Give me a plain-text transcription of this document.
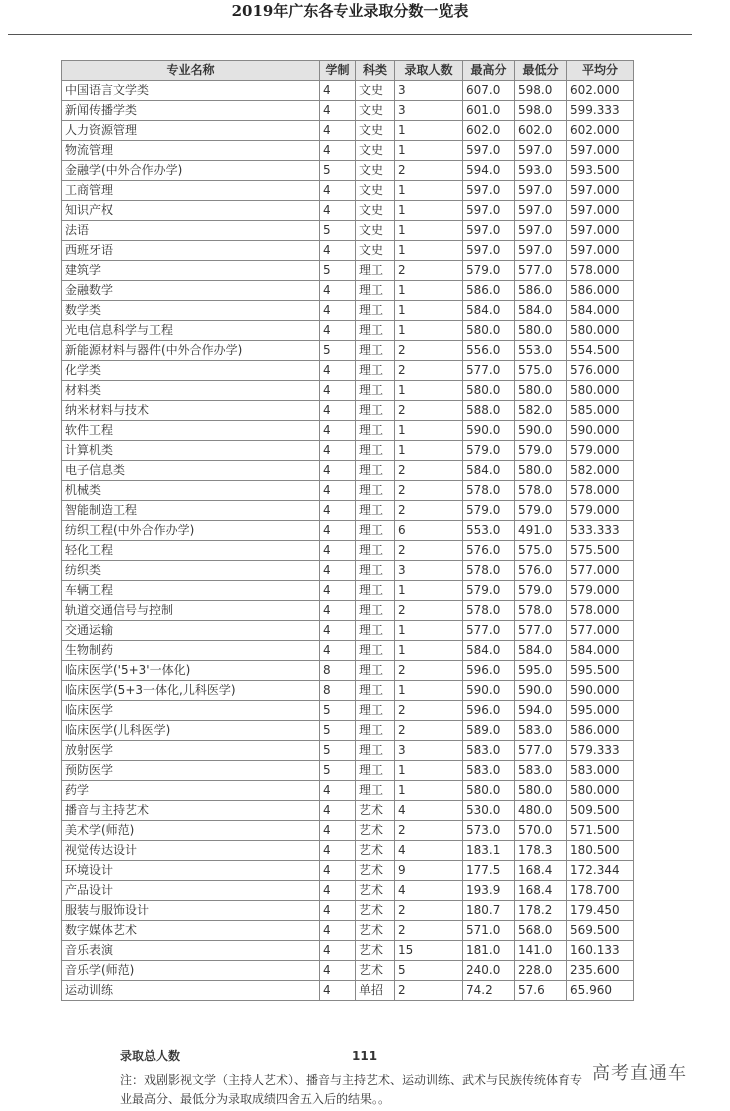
2019年广东各专业录取分数一览表
专业名称	学制	科类	录取人数	最高分	最低分	平均分
中国语言文学类	4	文史	3	607.0	598.0	602.000
新闻传播学类	4	文史	3	601.0	598.0	599.333
人力资源管理	4	文史	1	602.0	602.0	602.000
物流管理	4	文史	1	597.0	597.0	597.000
金融学(中外合作办学)	5	文史	2	594.0	593.0	593.500
工商管理	4	文史	1	597.0	597.0	597.000
知识产权	4	文史	1	597.0	597.0	597.000
法语	5	文史	1	597.0	597.0	597.000
西班牙语	4	文史	1	597.0	597.0	597.000
建筑学	5	理工	2	579.0	577.0	578.000
金融数学	4	理工	1	586.0	586.0	586.000
数学类	4	理工	1	584.0	584.0	584.000
光电信息科学与工程	4	理工	1	580.0	580.0	580.000
新能源材料与器件(中外合作办学)	5	理工	2	556.0	553.0	554.500
化学类	4	理工	2	577.0	575.0	576.000
材料类	4	理工	1	580.0	580.0	580.000
纳米材料与技术	4	理工	2	588.0	582.0	585.000
软件工程	4	理工	1	590.0	590.0	590.000
计算机类	4	理工	1	579.0	579.0	579.000
电子信息类	4	理工	2	584.0	580.0	582.000
机械类	4	理工	2	578.0	578.0	578.000
智能制造工程	4	理工	2	579.0	579.0	579.000
纺织工程(中外合作办学)	4	理工	6	553.0	491.0	533.333
轻化工程	4	理工	2	576.0	575.0	575.500
纺织类	4	理工	3	578.0	576.0	577.000
车辆工程	4	理工	1	579.0	579.0	579.000
轨道交通信号与控制	4	理工	2	578.0	578.0	578.000
交通运输	4	理工	1	577.0	577.0	577.000
生物制药	4	理工	1	584.0	584.0	584.000
临床医学('5+3'一体化)	8	理工	2	596.0	595.0	595.500
临床医学(5+3一体化,儿科医学)	8	理工	1	590.0	590.0	590.000
临床医学	5	理工	2	596.0	594.0	595.000
临床医学(儿科医学)	5	理工	2	589.0	583.0	586.000
放射医学	5	理工	3	583.0	577.0	579.333
预防医学	5	理工	1	583.0	583.0	583.000
药学	4	理工	1	580.0	580.0	580.000
播音与主持艺术	4	艺术	4	530.0	480.0	509.500
美术学(师范)	4	艺术	2	573.0	570.0	571.500
视觉传达设计	4	艺术	4	183.1	178.3	180.500
环境设计	4	艺术	9	177.5	168.4	172.344
产品设计	4	艺术	4	193.9	168.4	178.700
服装与服饰设计	4	艺术	2	180.7	178.2	179.450
数字媒体艺术	4	艺术	2	571.0	568.0	569.500
音乐表演	4	艺术	15	181.0	141.0	160.133
音乐学(师范)	4	艺术	5	240.0	228.0	235.600
运动训练	4	单招	2	74.2	57.6	65.960
录取总人数	111
注：戏剧影视文学（主持人艺术）、播音与主持艺术、运动训练、武术与民族传统体育专业最高分、最低分为录取成绩四舍五入后的结果。。
高考直通车
